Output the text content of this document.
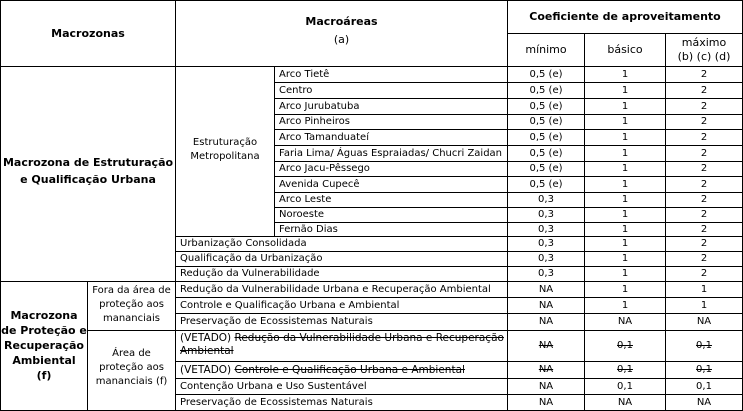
Macrozonas
Macroáreas
(a)
Coeficiente de aproveitamento
mínimo	básico
máximo
(b) (c) (d)
Macrozona de Estruturação
e Qualificação Urbana
Estruturação
Metropolitana
Arco Tietê	0,5 (e)	1	2
Centro	0,5 (e)	1	2
Arco Jurubatuba	0,5 (e)	1	2
Arco Pinheiros	0,5 (e)	1	2
Arco Tamanduateí	0,5 (e)	1	2
Faria Lima/ Águas Espraiadas/ Chucri Zaidan	0,5 (e)	1	2
Arco Jacu-Pêssego	0,5 (e)	1	2
Avenida Cupecê	0,5 (e)	1	2
Arco Leste	0,3	1	2
Noroeste	0,3	1	2
Fernão Dias	0,3	1	2
Urbanização Consolidada	0,3	1	2
Qualificação da Urbanização	0,3	1	2
Redução da Vulnerabilidade	0,3	1	2
Macrozona
de Proteção e
Recuperação
Ambiental
(f)
Fora da área de
proteção aos
mananciais
Área de
proteção aos
mananciais (f)
Redução da Vulnerabilidade Urbana e Recuperação Ambiental	NA	1	1
Controle e Qualificação Urbana e Ambiental	NA	1	1
Preservação de Ecossistemas Naturais	NA	NA	NA
(VETADO) Redução da Vulnerabilidade Urbana e Recuperação Ambiental	NA	0,1	0,1
(VETADO) Controle e Qualificação Urbana e Ambiental	NA	0,1	0,1
Contenção Urbana e Uso Sustentável	NA	0,1	0,1
Preservação de Ecossistemas Naturais	NA	NA	NA
